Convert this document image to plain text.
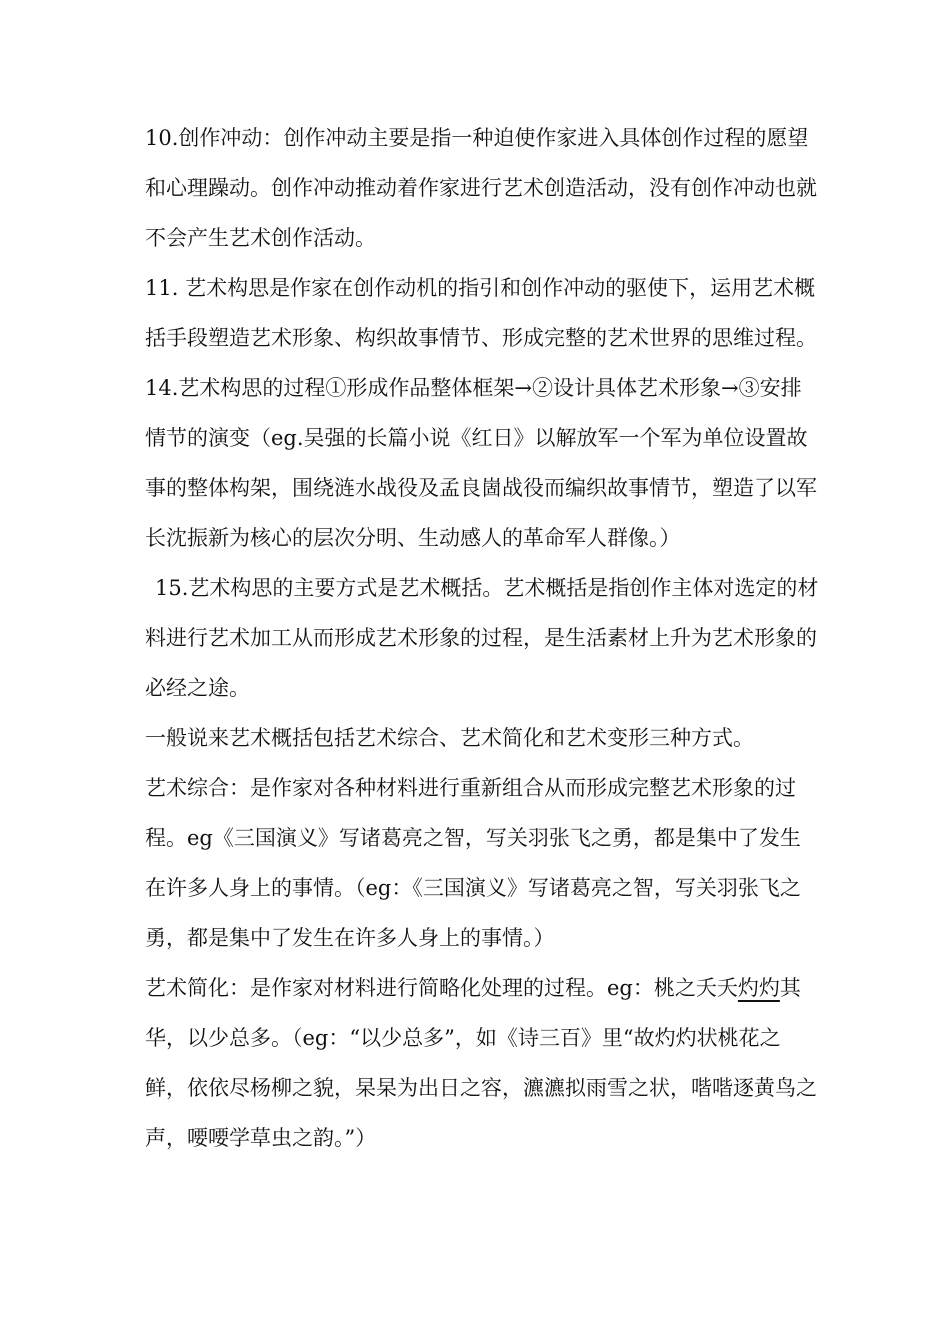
10.创作冲动：创作冲动主要是指一种迫使作家进入具体创作过程的愿望和心理躁动。创作冲动推动着作家进行艺术创造活动，没有创作冲动也就不会产生艺术创作活动。

11. 艺术构思是作家在创作动机的指引和创作冲动的驱使下，运用艺术概括手段塑造艺术形象、构织故事情节、形成完整的艺术世界的思维过程。

14.艺术构思的过程①形成作品整体框架→②设计具体艺术形象→③安排情节的演变（eg.吴强的长篇小说《红日》以解放军一个军为单位设置故事的整体构架，围绕涟水战役及孟良崮战役而编织故事情节，塑造了以军长沈振新为核心的层次分明、生动感人的革命军人群像。）

15.艺术构思的主要方式是艺术概括。艺术概括是指创作主体对选定的材料进行艺术加工从而形成艺术形象的过程，是生活素材上升为艺术形象的必经之途。

一般说来艺术概括包括艺术综合、艺术简化和艺术变形三种方式。

艺术综合：是作家对各种材料进行重新组合从而形成完整艺术形象的过程。eg《三国演义》写诸葛亮之智，写关羽张飞之勇，都是集中了发生在许多人身上的事情。（eg：《三国演义》写诸葛亮之智，写关羽张飞之勇，都是集中了发生在许多人身上的事情。）

艺术简化：是作家对材料进行简略化处理的过程。eg：桃之夭夭灼灼其华，以少总多。（eg：“以少总多”，如《诗三百》里“故灼灼状桃花之鲜，依依尽杨柳之貌，杲杲为出日之容，瀌瀌拟雨雪之状，喈喈逐黄鸟之声，喓喓学草虫之韵。”）
